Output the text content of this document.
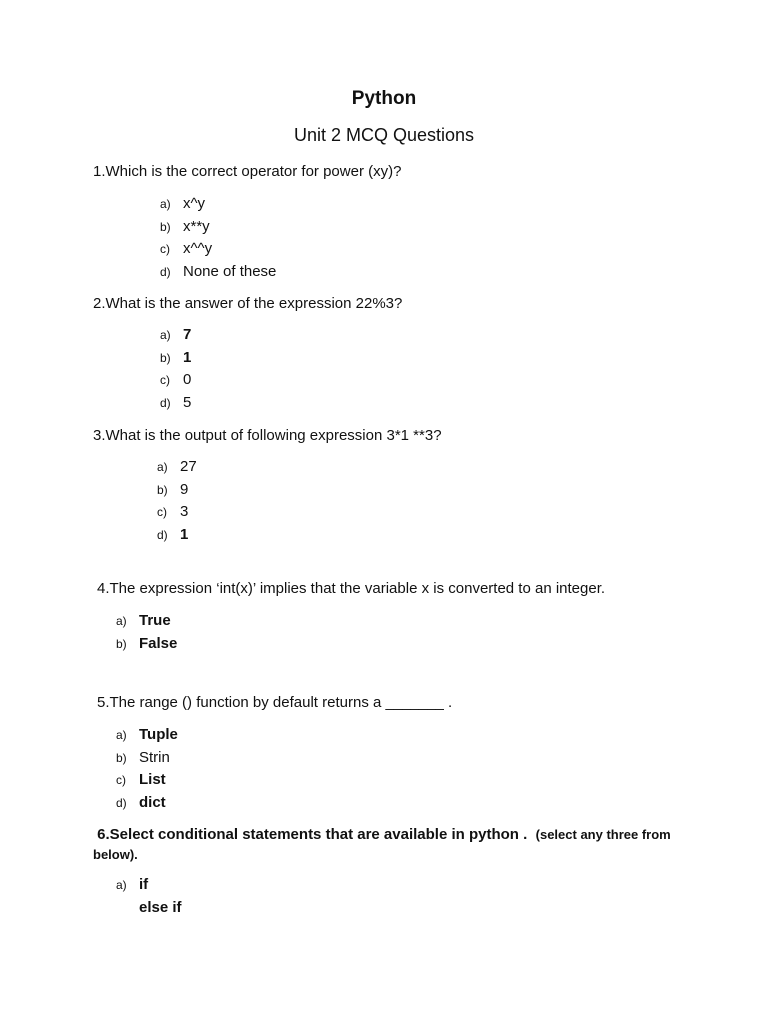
Python
Unit 2 MCQ Questions

1.Which is the correct operator for power (xy)?

a) x^y
b) x**y
c) x^^y
d) None of these

2.What is the answer of the expression 22%3?

a) 7
b) 1
c) 0
d) 5

3.What is the output of following expression 3*1 **3?

a) 27
b) 9
c) 3
d) 1

4.The expression ‘int(x)’ implies that the variable x is converted to an integer.

a) True
b) False

5.The range () function by default returns a _______ .

a) Tuple
b) Strin
c) List
d) dict

6.Select conditional statements that are available in python . (select any three from below).

a) if

else if
